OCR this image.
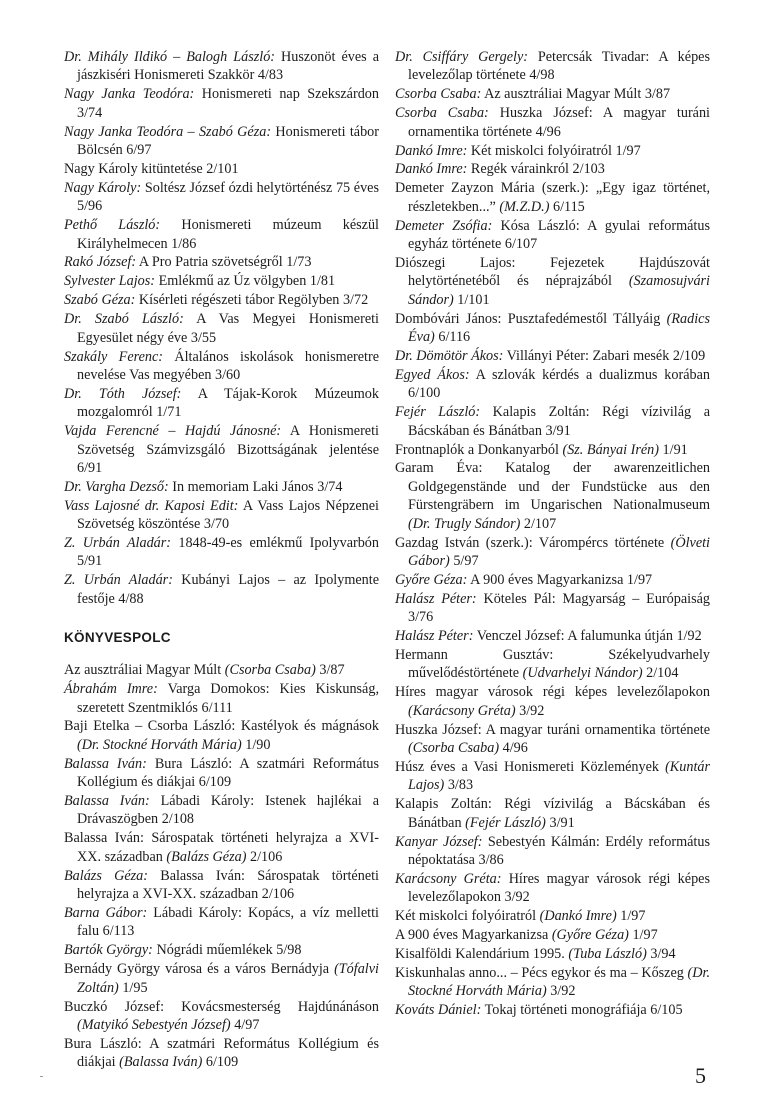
Dr. Mihály Ildikó – Balogh László: Huszonöt éves a jászkiséri Honismereti Szakkör 4/83

Nagy Janka Teodóra: Honismereti nap Szekszárdon 3/74

Nagy Janka Teodóra – Szabó Géza: Honismereti tábor Bölcsén 6/97

Nagy Károly kitüntetése 2/101

Nagy Károly: Soltész József ózdi helytörténész 75 éves 5/96

Pethő László: Honismereti múzeum készül Királyhelmecen 1/86

Rakó József: A Pro Patria szövetségről 1/73

Sylvester Lajos: Emlékmű az Úz völgyben 1/81

Szabó Géza: Kísérleti régészeti tábor Regölyben 3/72

Dr. Szabó László: A Vas Megyei Honismereti Egyesület négy éve 3/55

Szakály Ferenc: Általános iskolások honismeretre nevelése Vas megyében 3/60

Dr. Tóth József: A Tájak-Korok Múzeumok mozgalomról 1/71

Vajda Ferencné – Hajdú Jánosné: A Honismereti Szövetség Számvizsgáló Bizottságának jelentése 6/91

Dr. Vargha Dezső: In memoriam Laki János 3/74

Vass Lajosné dr. Kaposi Edit: A Vass Lajos Népzenei Szövetség köszöntése 3/70

Z. Urbán Aladár: 1848-49-es emlékmű Ipolyvarbón 5/91

Z. Urbán Aladár: Kubányi Lajos – az Ipolymente festője 4/88

KÖNYVESPOLC

Az ausztráliai Magyar Múlt (Csorba Csaba) 3/87

Ábrahám Imre: Varga Domokos: Kies Kiskunság, szeretett Szentmiklós 6/111

Baji Etelka – Csorba László: Kastélyok és mágnások (Dr. Stockné Horváth Mária) 1/90

Balassa Iván: Bura László: A szatmári Református Kollégium és diákjai 6/109

Balassa Iván: Lábadi Károly: Istenek hajlékai a Drávaszögben 2/108

Balassa Iván: Sárospatak történeti helyrajza a XVI-XX. században (Balázs Géza) 2/106

Balázs Géza: Balassa Iván: Sárospatak történeti helyrajza a XVI-XX. században 2/106

Barna Gábor: Lábadi Károly: Kopács, a víz melletti falu 6/113

Bartók György: Nógrádi műemlékek 5/98

Bernády György városa és a város Bernádyja (Tófalvi Zoltán) 1/95

Buczkó József: Kovácsmesterség Hajdúnánáson (Matyikó Sebestyén József) 4/97

Bura László: A szatmári Református Kollégium és diákjai (Balassa Iván) 6/109

Dr. Csiffáry Gergely: Petercsák Tivadar: A képes levelezőlap története 4/98

Csorba Csaba: Az ausztráliai Magyar Múlt 3/87

Csorba Csaba: Huszka József: A magyar turáni ornamentika története 4/96

Dankó Imre: Két miskolci folyóiratról 1/97

Dankó Imre: Regék várainkról 2/103

Demeter Zayzon Mária (szerk.): „Egy igaz történet, részletekben...” (M.Z.D.) 6/115

Demeter Zsófia: Kósa László: A gyulai református egyház története 6/107

Diószegi Lajos: Fejezetek Hajdúszovát helytörténetéből és néprajzából (Szamosujvári Sándor) 1/101

Dombóvári János: Pusztafedémestől Tállyáig (Radics Éva) 6/116

Dr. Dömötör Ákos: Villányi Péter: Zabari mesék 2/109

Egyed Ákos: A szlovák kérdés a dualizmus korában 6/100

Fejér László: Kalapis Zoltán: Régi vízivilág a Bácskában és Bánátban 3/91

Frontnaplók a Donkanyarból (Sz. Bányai Irén) 1/91

Garam Éva: Katalog der awarenzeitlichen Goldgegenstände und der Fundstücke aus den Fürstengräbern im Ungarischen Nationalmuseum (Dr. Trugly Sándor) 2/107

Gazdag István (szerk.): Várompércs története (Ölveti Gábor) 5/97

Győre Géza: A 900 éves Magyarkanizsa 1/97

Halász Péter: Köteles Pál: Magyarság – Európaiság 3/76

Halász Péter: Venczel József: A falumunka útján 1/92

Hermann Gusztáv: Székelyudvarhely művelődéstörténete (Udvarhelyi Nándor) 2/104

Híres magyar városok régi képes levelezőlapokon (Karácsony Gréta) 3/92

Huszka József: A magyar turáni ornamentika története (Csorba Csaba) 4/96

Húsz éves a Vasi Honismereti Közlemények (Kuntár Lajos) 3/83

Kalapis Zoltán: Régi vízivilág a Bácskában és Bánátban (Fejér László) 3/91

Kanyar József: Sebestyén Kálmán: Erdély református népoktatása 3/86

Karácsony Gréta: Híres magyar városok régi képes levelezőlapokon 3/92

Két miskolci folyóiratról (Dankó Imre) 1/97

A 900 éves Magyarkanizsa (Győre Géza) 1/97

Kisalföldi Kalendárium 1995. (Tuba László) 3/94

Kiskunhalas anno... – Pécs egykor és ma – Kőszeg (Dr. Stockné Horváth Mária) 3/92

Kováts Dániel: Tokaj történeti monográfiája 6/105

5
